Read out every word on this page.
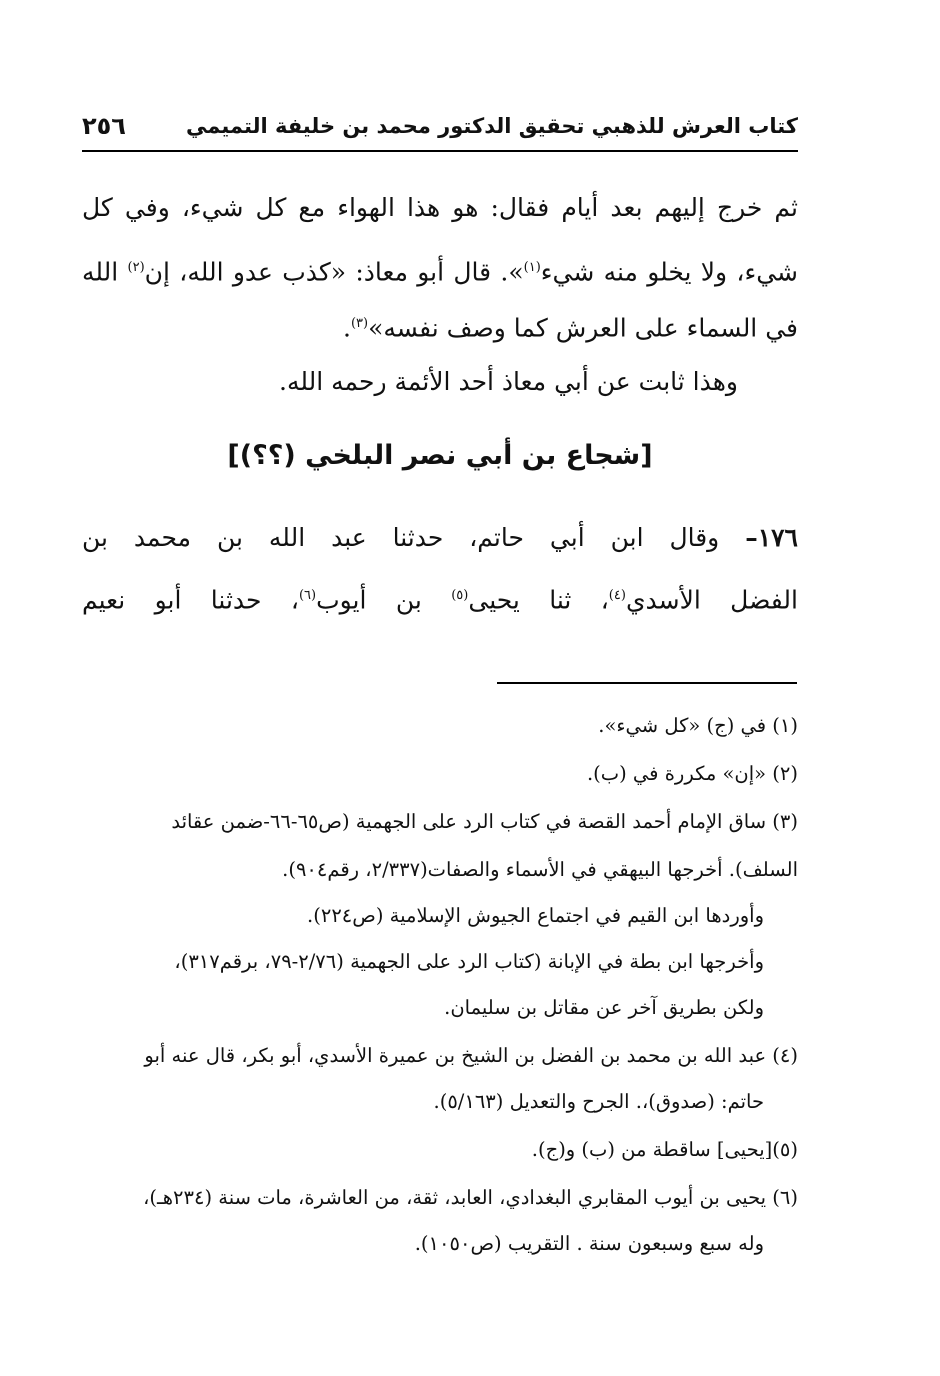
كتاب العرش للذهبي تحقيق الدكتور محمد بن خليفة التميمي
٢٥٦
ثم خرج إليهم بعد أيام فقال: هو هذا الهواء مع كل شيء، وفي كل
شيء، ولا يخلو منه شيء$^{(١)}$». قال أبو معاذ: «كذب عدو الله، إن$^{(٢)}$ الله
في السماء على العرش كما وصف نفسه»$^{(٣)}$.
وهذا ثابت عن أبي معاذ أحد الأئمة رحمه الله.
[شجاع بن أبي نصر البلخي (؟؟)]
١٧٦– وقال ابن أبي حاتم، حدثنا عبد الله بن محمد بن
الفضل الأسدي$^{(٤)}$، ثنا يحيى$^{(٥)}$ بن أيوب$^{(٦)}$، حدثنا أبو نعيم
(١) في (ج) «كل شيء».
(٢) «إن» مكررة في (ب).
(٣) ساق الإمام أحمد القصة في كتاب الرد على الجهمية (ص٦٥-٦٦-ضمن عقائد
السلف). أخرجها البيهقي في الأسماء والصفات(٢/٣٣٧، رقم٩٠٤).
وأوردها ابن القيم في اجتماع الجيوش الإسلامية (ص٢٢٤).
وأخرجها ابن بطة في الإبانة (كتاب الرد على الجهمية (٢/٧٦-٧٩، برقم٣١٧)،
ولكن بطريق آخر عن مقاتل بن سليمان.
(٤) عبد الله بن محمد بن الفضل بن الشيخ بن عميرة الأسدي، أبو بكر، قال عنه أبو
حاتم: (صدوق)،. الجرح والتعديل (٥/١٦٣).
(٥)[يحيى] ساقطة من (ب) و(ج).
(٦) يحيى بن أيوب المقابري البغدادي، العابد، ثقة، من العاشرة، مات سنة (٢٣٤هـ)،
وله سبع وسبعون سنة . التقريب (ص١٠٥٠).
